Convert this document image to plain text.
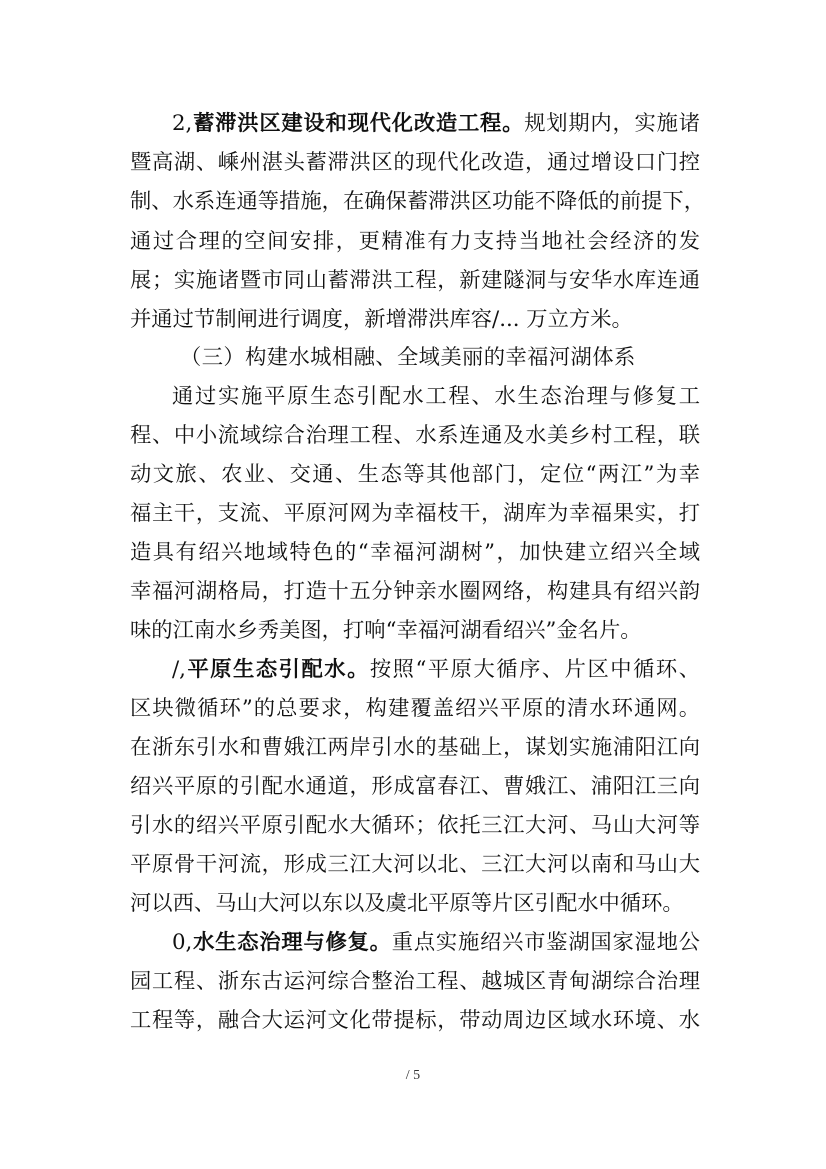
2,蓄滞洪区建设和现代化改造工程。规划期内，实施诸
暨高湖、嵊州湛头蓄滞洪区的现代化改造，通过增设口门控
制、水系连通等措施，在确保蓄滞洪区功能不降低的前提下，
通过合理的空间安排，更精准有力支持当地社会经济的发
展；实施诸暨市同山蓄滞洪工程，新建隧洞与安华水库连通
并通过节制闸进行调度，新增滞洪库容/... 万立方米。
（三）构建水城相融、全域美丽的幸福河湖体系
通过实施平原生态引配水工程、水生态治理与修复工
程、中小流域综合治理工程、水系连通及水美乡村工程，联
动文旅、农业、交通、生态等其他部门，定位“两江”为幸
福主干，支流、平原河网为幸福枝干，湖库为幸福果实，打
造具有绍兴地域特色的“幸福河湖树”，加快建立绍兴全域
幸福河湖格局，打造十五分钟亲水圈网络，构建具有绍兴韵
味的江南水乡秀美图，打响“幸福河湖看绍兴”金名片。
/,平原生态引配水。按照“平原大循序、片区中循环、
区块微循环”的总要求，构建覆盖绍兴平原的清水环通网。
在浙东引水和曹娥江两岸引水的基础上，谋划实施浦阳江向
绍兴平原的引配水通道，形成富春江、曹娥江、浦阳江三向
引水的绍兴平原引配水大循环；依托三江大河、马山大河等
平原骨干河流，形成三江大河以北、三江大河以南和马山大
河以西、马山大河以东以及虞北平原等片区引配水中循环。
0,水生态治理与修复。重点实施绍兴市鉴湖国家湿地公
园工程、浙东古运河综合整治工程、越城区青甸湖综合治理
工程等，融合大运河文化带提标，带动周边区域水环境、水
/ 5
